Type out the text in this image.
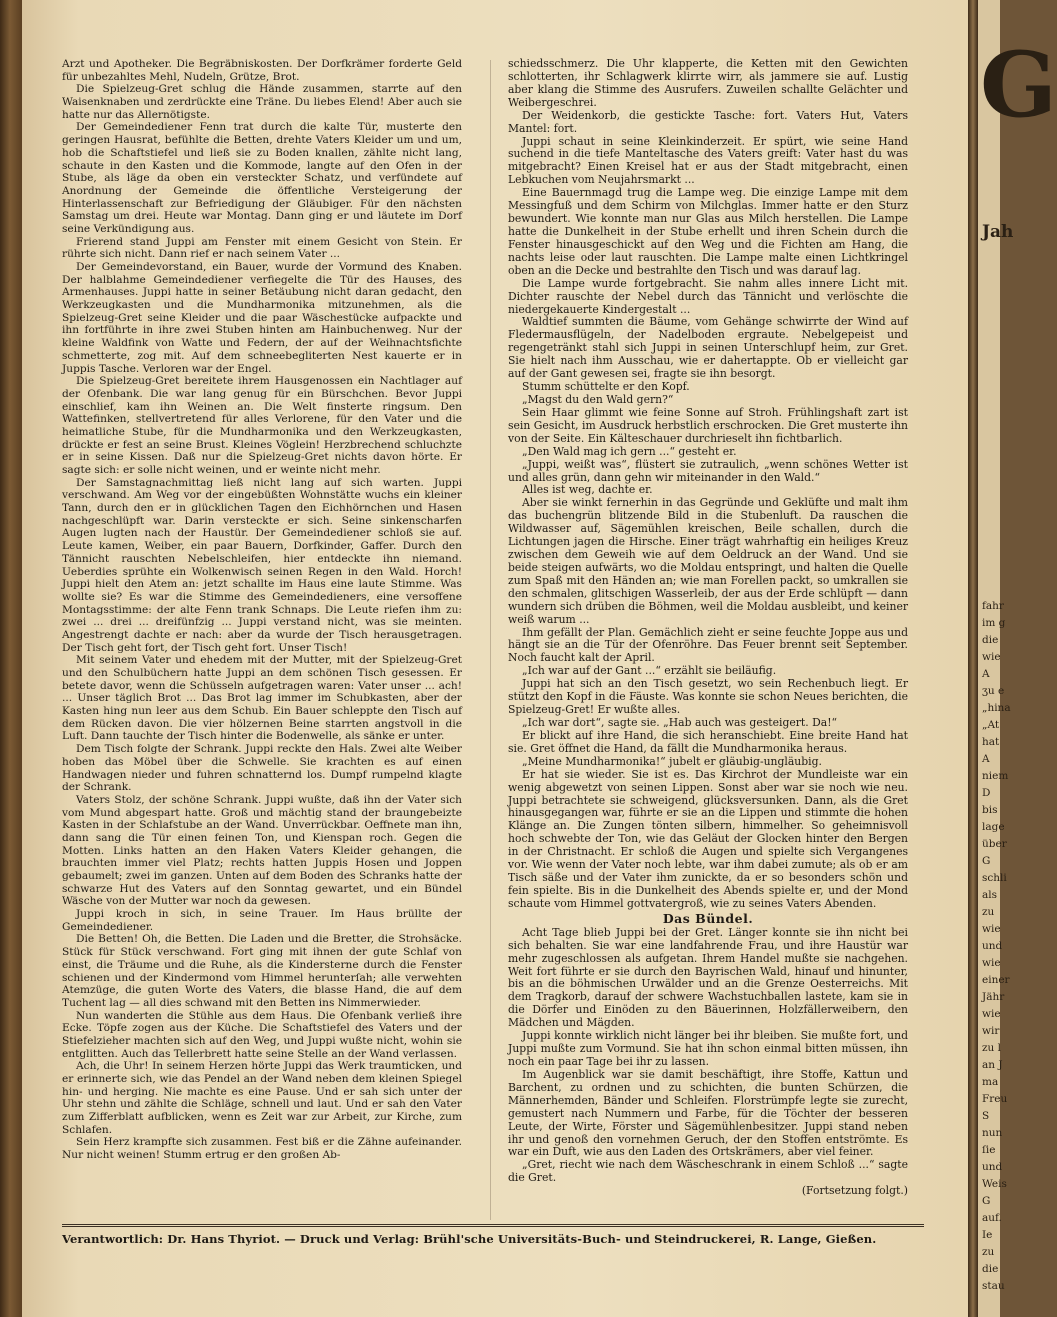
Arzt und Apotheker. Die Begräbniskosten. Der Dorfkrämer forderte Geld für unbezahltes Mehl, Nudeln, Grütze, Brot.

Die Spielzeug-Gret schlug die Hände zusammen, starrte auf den Waisenknaben und zerdrückte eine Träne. Du liebes Elend! Aber auch sie hatte nur das Allernötigste.

Der Gemeindediener Fenn trat durch die kalte Tür, musterte den geringen Hausrat, befühlte die Betten, drehte Vaters Kleider um und um, hob die Schaftstiefel und ließ sie zu Boden knallen, zählte nicht lang, schaute in den Kasten und die Kommode, langte auf den Ofen in der Stube, als läge da oben ein versteckter Schatz, und verfündete auf Anordnung der Gemeinde die öffentliche Versteigerung der Hinterlassenschaft zur Befriedigung der Gläubiger. Für den nächsten Samstag um drei. Heute war Montag. Dann ging er und läutete im Dorf seine Verkündigung aus.

Frierend stand Juppi am Fenster mit einem Gesicht von Stein. Er rührte sich nicht. Dann rief er nach seinem Vater ...

Der Gemeindevorstand, ein Bauer, wurde der Vormund des Knaben. Der halblahme Gemeindediener verfiegelte die Tür des Hauses, des Armenhauses. Juppi hatte in seiner Betäubung nicht daran gedacht, den Werkzeugkasten und die Mundharmonika mitzunehmen, als die Spielzeug-Gret seine Kleider und die paar Wäschestücke aufpackte und ihn fortführte in ihre zwei Stuben hinten am Hainbuchenweg. Nur der kleine Waldfink von Watte und Federn, der auf der Weihnachtsfichte schmetterte, zog mit. Auf dem schneebegliterten Nest kauerte er in Juppis Tasche. Verloren war der Engel.

Die Spielzeug-Gret bereitete ihrem Hausgenossen ein Nachtlager auf der Ofenbank. Die war lang genug für ein Bürschchen. Bevor Juppi einschlief, kam ihn Weinen an. Die Welt finsterte ringsum. Den Wattefinken, stellvertretend für alles Verlorene, für den Vater und die heimatliche Stube, für die Mundharmonika und den Werkzeugkasten, drückte er fest an seine Brust. Kleines Vöglein! Herzbrechend schluchzte er in seine Kissen. Daß nur die Spielzeug-Gret nichts davon hörte. Er sagte sich: er solle nicht weinen, und er weinte nicht mehr.

Der Samstagnachmittag ließ nicht lang auf sich warten. Juppi verschwand. Am Weg vor der eingebüßten Wohnstätte wuchs ein kleiner Tann, durch den er in glücklichen Tagen den Eichhörnchen und Hasen nachgeschlüpft war. Darin versteckte er sich. Seine sinkenscharfen Augen lugten nach der Haustür. Der Gemeindediener schloß sie auf. Leute kamen, Weiber, ein paar Bauern, Dorfkinder, Gaffer. Durch den Tännicht rauschten Nebelschleifen, hier entdeckte ihn niemand. Ueberdies sprühte ein Wolkenwisch seinen Regen in den Wald. Horch! Juppi hielt den Atem an: jetzt schallte im Haus eine laute Stimme. Was wollte sie? Es war die Stimme des Gemeindedieners, eine versoffene Montagsstimme: der alte Fenn trank Schnaps. Die Leute riefen ihm zu: zwei ... drei ... dreifünfzig ... Juppi verstand nicht, was sie meinten. Angestrengt dachte er nach: aber da wurde der Tisch herausgetragen. Der Tisch geht fort, der Tisch geht fort. Unser Tisch!

Mit seinem Vater und ehedem mit der Mutter, mit der Spielzeug-Gret und den Schulbüchern hatte Juppi an dem schönen Tisch gesessen. Er betete davor, wenn die Schüsseln aufgetragen waren: Vater unser ... ach! ... Unser täglich Brot ... Das Brot lag immer im Schubkasten, aber der Kasten hing nun leer aus dem Schub. Ein Bauer schleppte den Tisch auf dem Rücken davon. Die vier hölzernen Beine starrten angstvoll in die Luft. Dann tauchte der Tisch hinter die Bodenwelle, als sänke er unter.

Dem Tisch folgte der Schrank. Juppi reckte den Hals. Zwei alte Weiber hoben das Möbel über die Schwelle. Sie krachten es auf einen Handwagen nieder und fuhren schnatternd los. Dumpf rumpelnd klagte der Schrank.

Vaters Stolz, der schöne Schrank. Juppi wußte, daß ihn der Vater sich vom Mund abgespart hatte. Groß und mächtig stand der braungebeizte Kasten in der Schlafstube an der Wand. Unverrückbar. Oeffnete man ihn, dann sang die Tür einen feinen Ton, und Kienspan roch. Gegen die Motten. Links hatten an den Haken Vaters Kleider gehangen, die brauchten immer viel Platz; rechts hatten Juppis Hosen und Joppen gebaumelt; zwei im ganzen. Unten auf dem Boden des Schranks hatte der schwarze Hut des Vaters auf den Sonntag gewartet, und ein Bündel Wäsche von der Mutter war noch da gewesen.

Juppi kroch in sich, in seine Trauer. Im Haus brüllte der Gemeindediener.

Die Betten! Oh, die Betten. Die Laden und die Bretter, die Strohsäcke. Stück für Stück verschwand. Fort ging mit ihnen der gute Schlaf von einst, die Träume und die Ruhe, als die Kindersterne durch die Fenster schienen und der Kindermond vom Himmel herunterſah; alle verwehten Atemzüge, die guten Worte des Vaters, die blasse Hand, die auf dem Tuchent lag — all dies schwand mit den Betten ins Nimmerwieder.

Nun wanderten die Stühle aus dem Haus. Die Ofenbank verließ ihre Ecke. Töpfe zogen aus der Küche. Die Schaftstiefel des Vaters und der Stiefelzieher machten sich auf den Weg, und Juppi wußte nicht, wohin sie entglitten. Auch das Tellerbrett hatte seine Stelle an der Wand verlassen.

Ach, die Uhr! In seinem Herzen hörte Juppi das Werk traumticken, und er erinnerte sich, wie das Pendel an der Wand neben dem kleinen Spiegel hin- und herging. Nie machte es eine Pause. Und er sah sich unter der Uhr stehn und zählte die Schläge, schnell und laut. Und er sah den Vater zum Zifferblatt aufblicken, wenn es Zeit war zur Arbeit, zur Kirche, zum Schlafen.

Sein Herz krampfte sich zusammen. Fest biß er die Zähne aufeinander. Nur nicht weinen! Stumm ertrug er den großen Ab-

schiedsschmerz. Die Uhr klapperte, die Ketten mit den Gewichten schlotterten, ihr Schlagwerk klirrte wirr, als jammere sie auf. Lustig aber klang die Stimme des Ausrufers. Zuweilen schallte Gelächter und Weibergeschrei.

Der Weidenkorb, die gestickte Tasche: fort. Vaters Hut, Vaters Mantel: fort.

Juppi schaut in seine Kleinkinderzeit. Er spürt, wie seine Hand suchend in die tiefe Manteltasche des Vaters greift: Vater hast du was mitgebracht? Einen Kreisel hat er aus der Stadt mitgebracht, einen Lebkuchen vom Neujahrsmarkt ...

Eine Bauernmagd trug die Lampe weg. Die einzige Lampe mit dem Messingfuß und dem Schirm von Milchglas. Immer hatte er den Sturz bewundert. Wie konnte man nur Glas aus Milch herstellen. Die Lampe hatte die Dunkelheit in der Stube erhellt und ihren Schein durch die Fenster hinausgeschickt auf den Weg und die Fichten am Hang, die nachts leise oder laut rauschten. Die Lampe malte einen Lichtkringel oben an die Decke und bestrahlte den Tisch und was darauf lag.

Die Lampe wurde fortgebracht. Sie nahm alles innere Licht mit. Dichter rauschte der Nebel durch das Tännicht und verlöschte die niedergekauerte Kindergestalt ...

Waldtief summten die Bäume, vom Gehänge schwirrte der Wind auf Fledermausflügeln, der Nadelboden ergraute. Nebelgepeist und regengetränkt stahl sich Juppi in seinen Unterschlupf heim, zur Gret. Sie hielt nach ihm Ausschau, wie er dahertappte. Ob er vielleicht gar auf der Gant gewesen sei, fragte sie ihn besorgt.

Stumm schüttelte er den Kopf.

„Magst du den Wald gern?“

Sein Haar glimmt wie feine Sonne auf Stroh. Frühlingshaft zart ist sein Gesicht, im Ausdruck herbstlich erschrocken. Die Gret musterte ihn von der Seite. Ein Kälteschauer durchrieselt ihn fichtbarlich.

„Den Wald mag ich gern ...“ gesteht er.

„Juppi, weißt was“, flüstert sie zutraulich, „wenn schönes Wetter ist und alles grün, dann gehn wir miteinander in den Wald.“

Alles ist weg, dachte er.

Aber sie winkt fernerhin in das Gegründe und Geklüfte und malt ihm das buchengrün blitzende Bild in die Stubenluft. Da rauschen die Wildwasser auf, Sägemühlen kreischen, Beile schallen, durch die Lichtungen jagen die Hirsche. Einer trägt wahrhaftig ein heiliges Kreuz zwischen dem Geweih wie auf dem Oeldruck an der Wand. Und sie beide steigen aufwärts, wo die Moldau entspringt, und halten die Quelle zum Spaß mit den Händen an; wie man Forellen packt, so umkrallen sie den schmalen, glitschigen Wasserleib, der aus der Erde schlüpft — dann wundern sich drüben die Böhmen, weil die Moldau ausbleibt, und keiner weiß warum ...

Ihm gefällt der Plan. Gemächlich zieht er seine feuchte Joppe aus und hängt sie an die Tür der Ofenröhre. Das Feuer brennt seit September. Noch faucht kalt der April.

„Ich war auf der Gant ...“ erzählt sie beiläufig.

Juppi hat sich an den Tisch gesetzt, wo sein Rechenbuch liegt. Er stützt den Kopf in die Fäuste. Was konnte sie schon Neues berichten, die Spielzeug-Gret! Er wußte alles.

„Ich war dort“, sagte sie. „Hab auch was gesteigert. Da!“

Er blickt auf ihre Hand, die sich heranschiebt. Eine breite Hand hat sie. Gret öffnet die Hand, da fällt die Mundharmonika heraus.

„Meine Mundharmonika!“ jubelt er gläubig-ungläubig.

Er hat sie wieder. Sie ist es. Das Kirchrot der Mundleiste war ein wenig abgewetzt von seinen Lippen. Sonst aber war sie noch wie neu. Juppi betrachtete sie schweigend, glücksversunken. Dann, als die Gret hinausgegangen war, führte er sie an die Lippen und stimmte die hohen Klänge an. Die Zungen tönten silbern, himmelher. So geheimnisvoll hoch schwebte der Ton, wie das Geläut der Glocken hinter den Bergen in der Christnacht. Er schloß die Augen und spielte sich Vergangenes vor. Wie wenn der Vater noch lebte, war ihm dabei zumute; als ob er am Tisch säße und der Vater ihm zunickte, da er so besonders schön und fein spielte. Bis in die Dunkelheit des Abends spielte er, und der Mond schaute vom Himmel gottvatergroß, wie zu seines Vaters Abenden.

Das Bündel.

Acht Tage blieb Juppi bei der Gret. Länger konnte sie ihn nicht bei sich behalten. Sie war eine landfahrende Frau, und ihre Haustür war mehr zugeschlossen als aufgetan. Ihrem Handel mußte sie nachgehen. Weit fort führte er sie durch den Bayrischen Wald, hinauf und hinunter, bis an die böhmischen Urwälder und an die Grenze Oesterreichs. Mit dem Tragkorb, darauf der schwere Wachstuchballen lastete, kam sie in die Dörfer und Einöden zu den Bäuerinnen, Holzfällerweibern, den Mädchen und Mägden.

Juppi konnte wirklich nicht länger bei ihr bleiben. Sie mußte fort, und Juppi mußte zum Vormund. Sie hat ihn schon einmal bitten müssen, ihn noch ein paar Tage bei ihr zu lassen.

Im Augenblick war sie damit beschäftigt, ihre Stoffe, Kattun und Barchent, zu ordnen und zu schichten, die bunten Schürzen, die Männerhemden, Bänder und Schleifen. Florstrümpfe legte sie zurecht, gemustert nach Nummern und Farbe, für die Töchter der besseren Leute, der Wirte, Förster und Sägemühlenbesitzer. Juppi stand neben ihr und genoß den vornehmen Geruch, der den Stoffen entströmte. Es war ein Duft, wie aus den Laden des Ortskrämers, aber viel feiner.

„Gret, riecht wie nach dem Wäscheschrank in einem Schloß ...“ sagte die Gret.

(Fortsetzung folgt.)

Verantwortlich: Dr. Hans Thyriot. — Druck und Verlag: Brühl'sche Universitäts-Buch- und Steindruckerei, R. Lange, Gießen.
G
Jah
fahr
im g
die
wie
A
ʒu e
„hina
„At
hat
A
niem
D
bis
lage
über
G
schli
als
zu
wie
und
wie
einer
Jähr
wie
wir
zu l
an J
ma
Freu
S
nun
ſie
und
Weis
G
auf.
Ie
zu
die
stau
